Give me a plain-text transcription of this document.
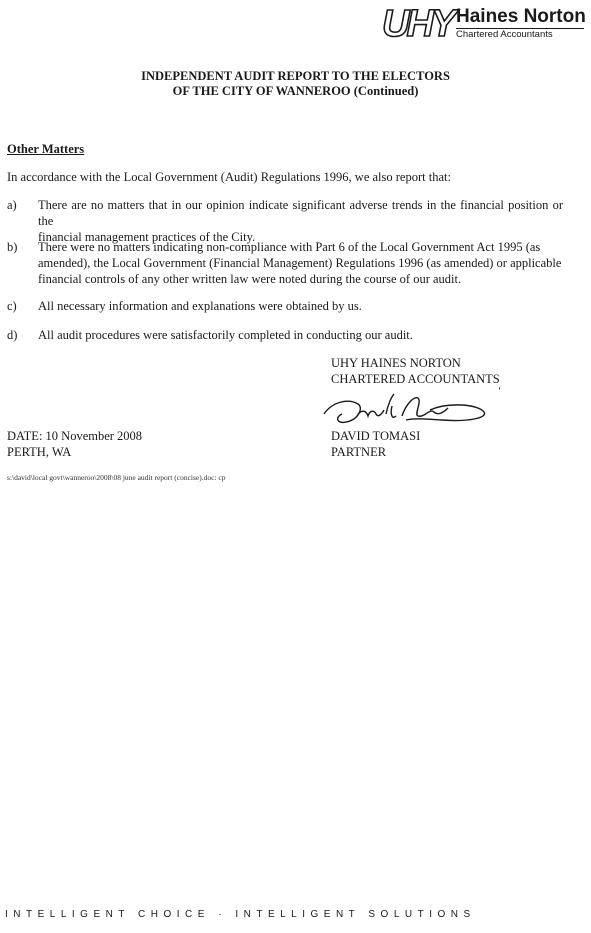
UHY Haines Norton
Chartered Accountants
INDEPENDENT AUDIT REPORT TO THE ELECTORS
OF THE CITY OF WANNEROO (Continued)
Other Matters
In accordance with the Local Government (Audit) Regulations 1996, we also report that:
a) There are no matters that in our opinion indicate significant adverse trends in the financial position or the
financial management practices of the City.
b) There were no matters indicating non-compliance with Part 6 of the Local Government Act 1995 (as
amended), the Local Government (Financial Management) Regulations 1996 (as amended) or applicable
financial controls of any other written law were noted during the course of our audit.
c) All necessary information and explanations were obtained by us.
d) All audit procedures were satisfactorily completed in conducting our audit.
UHY HAINES NORTON
CHARTERED ACCOUNTANTS
ʻ
DAVID TOMASI
PARTNER
DATE: 10 November 2008
PERTH, WA
s:\david\local govt\wanneroo\2008\08 june audit report (concise).doc: cp
INTELLIGENT CHOICE · INTELLIGENT SOLUTIONS
